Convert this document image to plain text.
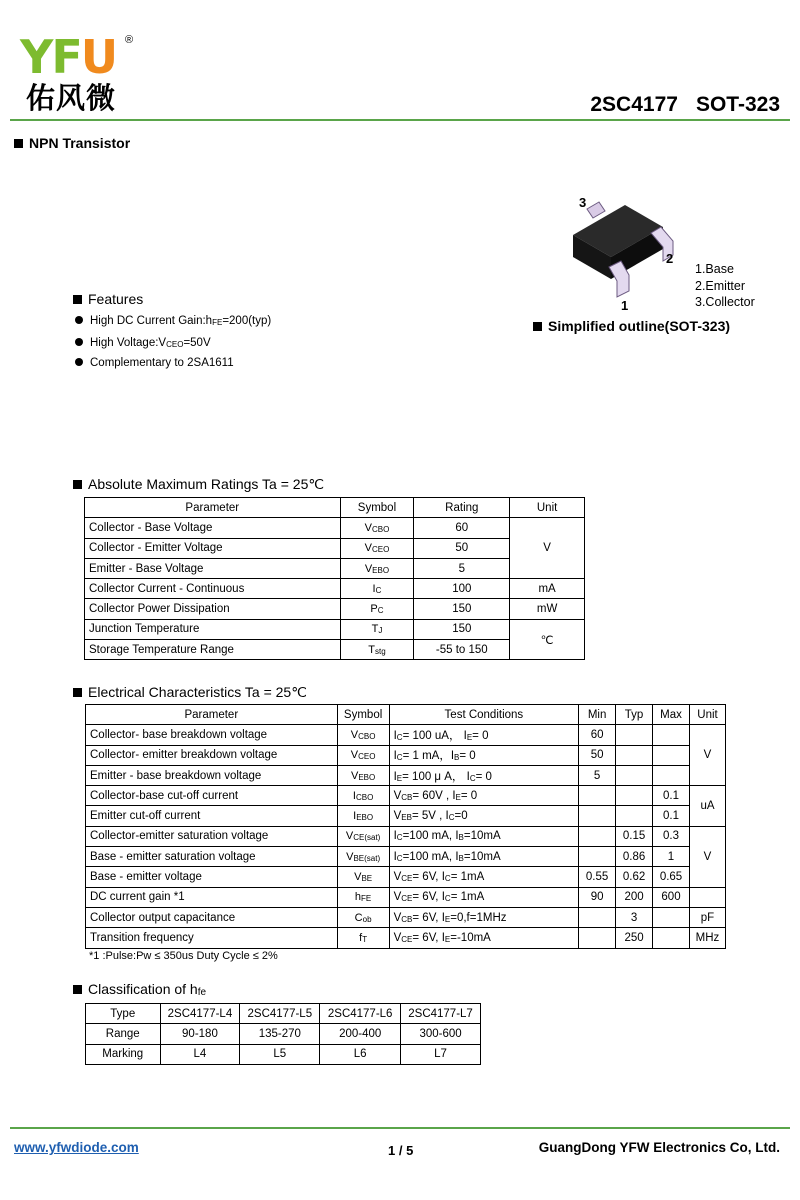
YFU ®
佑风微	2SC4177 SOT-323
NPN Transistor
3
2
1
1.Base
2.Emitter
3.Collector
Simplified outline(SOT-323)
Features
High DC Current $Gain:h_{FE}=200(typ)$
High $Voltage:V_{CEO}=50V$
Complementary to 2SA1611
Absolute Maximum Ratings Ta = 25℃
Parameter	Symbol	Rating	Unit
Collector - Base Voltage	$V_{CBO}$	60	V
Collector - Emitter Voltage	$V_{CEO}$	50	
Emitter - Base Voltage	$V_{EBO}$	5	
Collector Current - Continuous	$I_C$	100	mA
Collector Power Dissipation	$P_C$	150	mW
Junction Temperature	$T_J$	150	℃
Storage Temperature Range	$T_{stg}$	-55 to 150	
Electrical Characteristics Ta = 25℃
Parameter	Symbol	Test Conditions	Min	Typ	Max	Unit
Collector- base breakdown voltage	$V_{CBO}$	$I_C= 100$ uA， $I_E= 0$	60			V
Collector- emitter breakdown voltage	$V_{CEO}$	$I_C= 1$ mA，$I_B= 0$	50			
Emitter - base breakdown voltage	$V_{EBO}$	$I_E= 100$ μ A， $I_C= 0$	5			
Collector-base cut-off current	$I_{CBO}$	$V_{CB}= 60V$ , $I_E= 0$			0.1	uA
Emitter cut-off current	$I_{EBO}$	$V_{EB}= 5V$ , $I_C=0$			0.1	
Collector-emitter saturation voltage	$V_{CE(sat)}$	$I_C=100$ mA, $I_B=10mA$		0.15	0.3	V
Base - emitter saturation voltage	$V_{BE(sat)}$	$I_C=100$ mA, $I_B=10mA$		0.86	1	
Base - emitter voltage	$V_{BE}$	$V_{CE}= 6V$, $I_C= 1mA$	0.55	0.62	0.65	
DC current gain *1	$h_{FE}$	$V_{CE}= 6V$, $I_C= 1mA$	90	200	600	
Collector output capacitance	$C_{ob}$	$V_{CB}= 6V$, $I_E=0,f=1MHz$		3		pF
Transition frequency	$f_T$	$V_{CE}= 6V$, $I_E=-10mA$		250		MHz
*1 :Pulse:Pw ≤ 350us Duty Cycle ≤ 2%
Classification of $h_{fe}$
Type	2SC4177-L4	2SC4177-L5	2SC4177-L6	2SC4177-L7
Range	90-180	135-270	200-400	300-600
Marking	L4	L5	L6	L7
www.yfwdiode.com	1 / 5	GuangDong YFW Electronics Co, Ltd.
